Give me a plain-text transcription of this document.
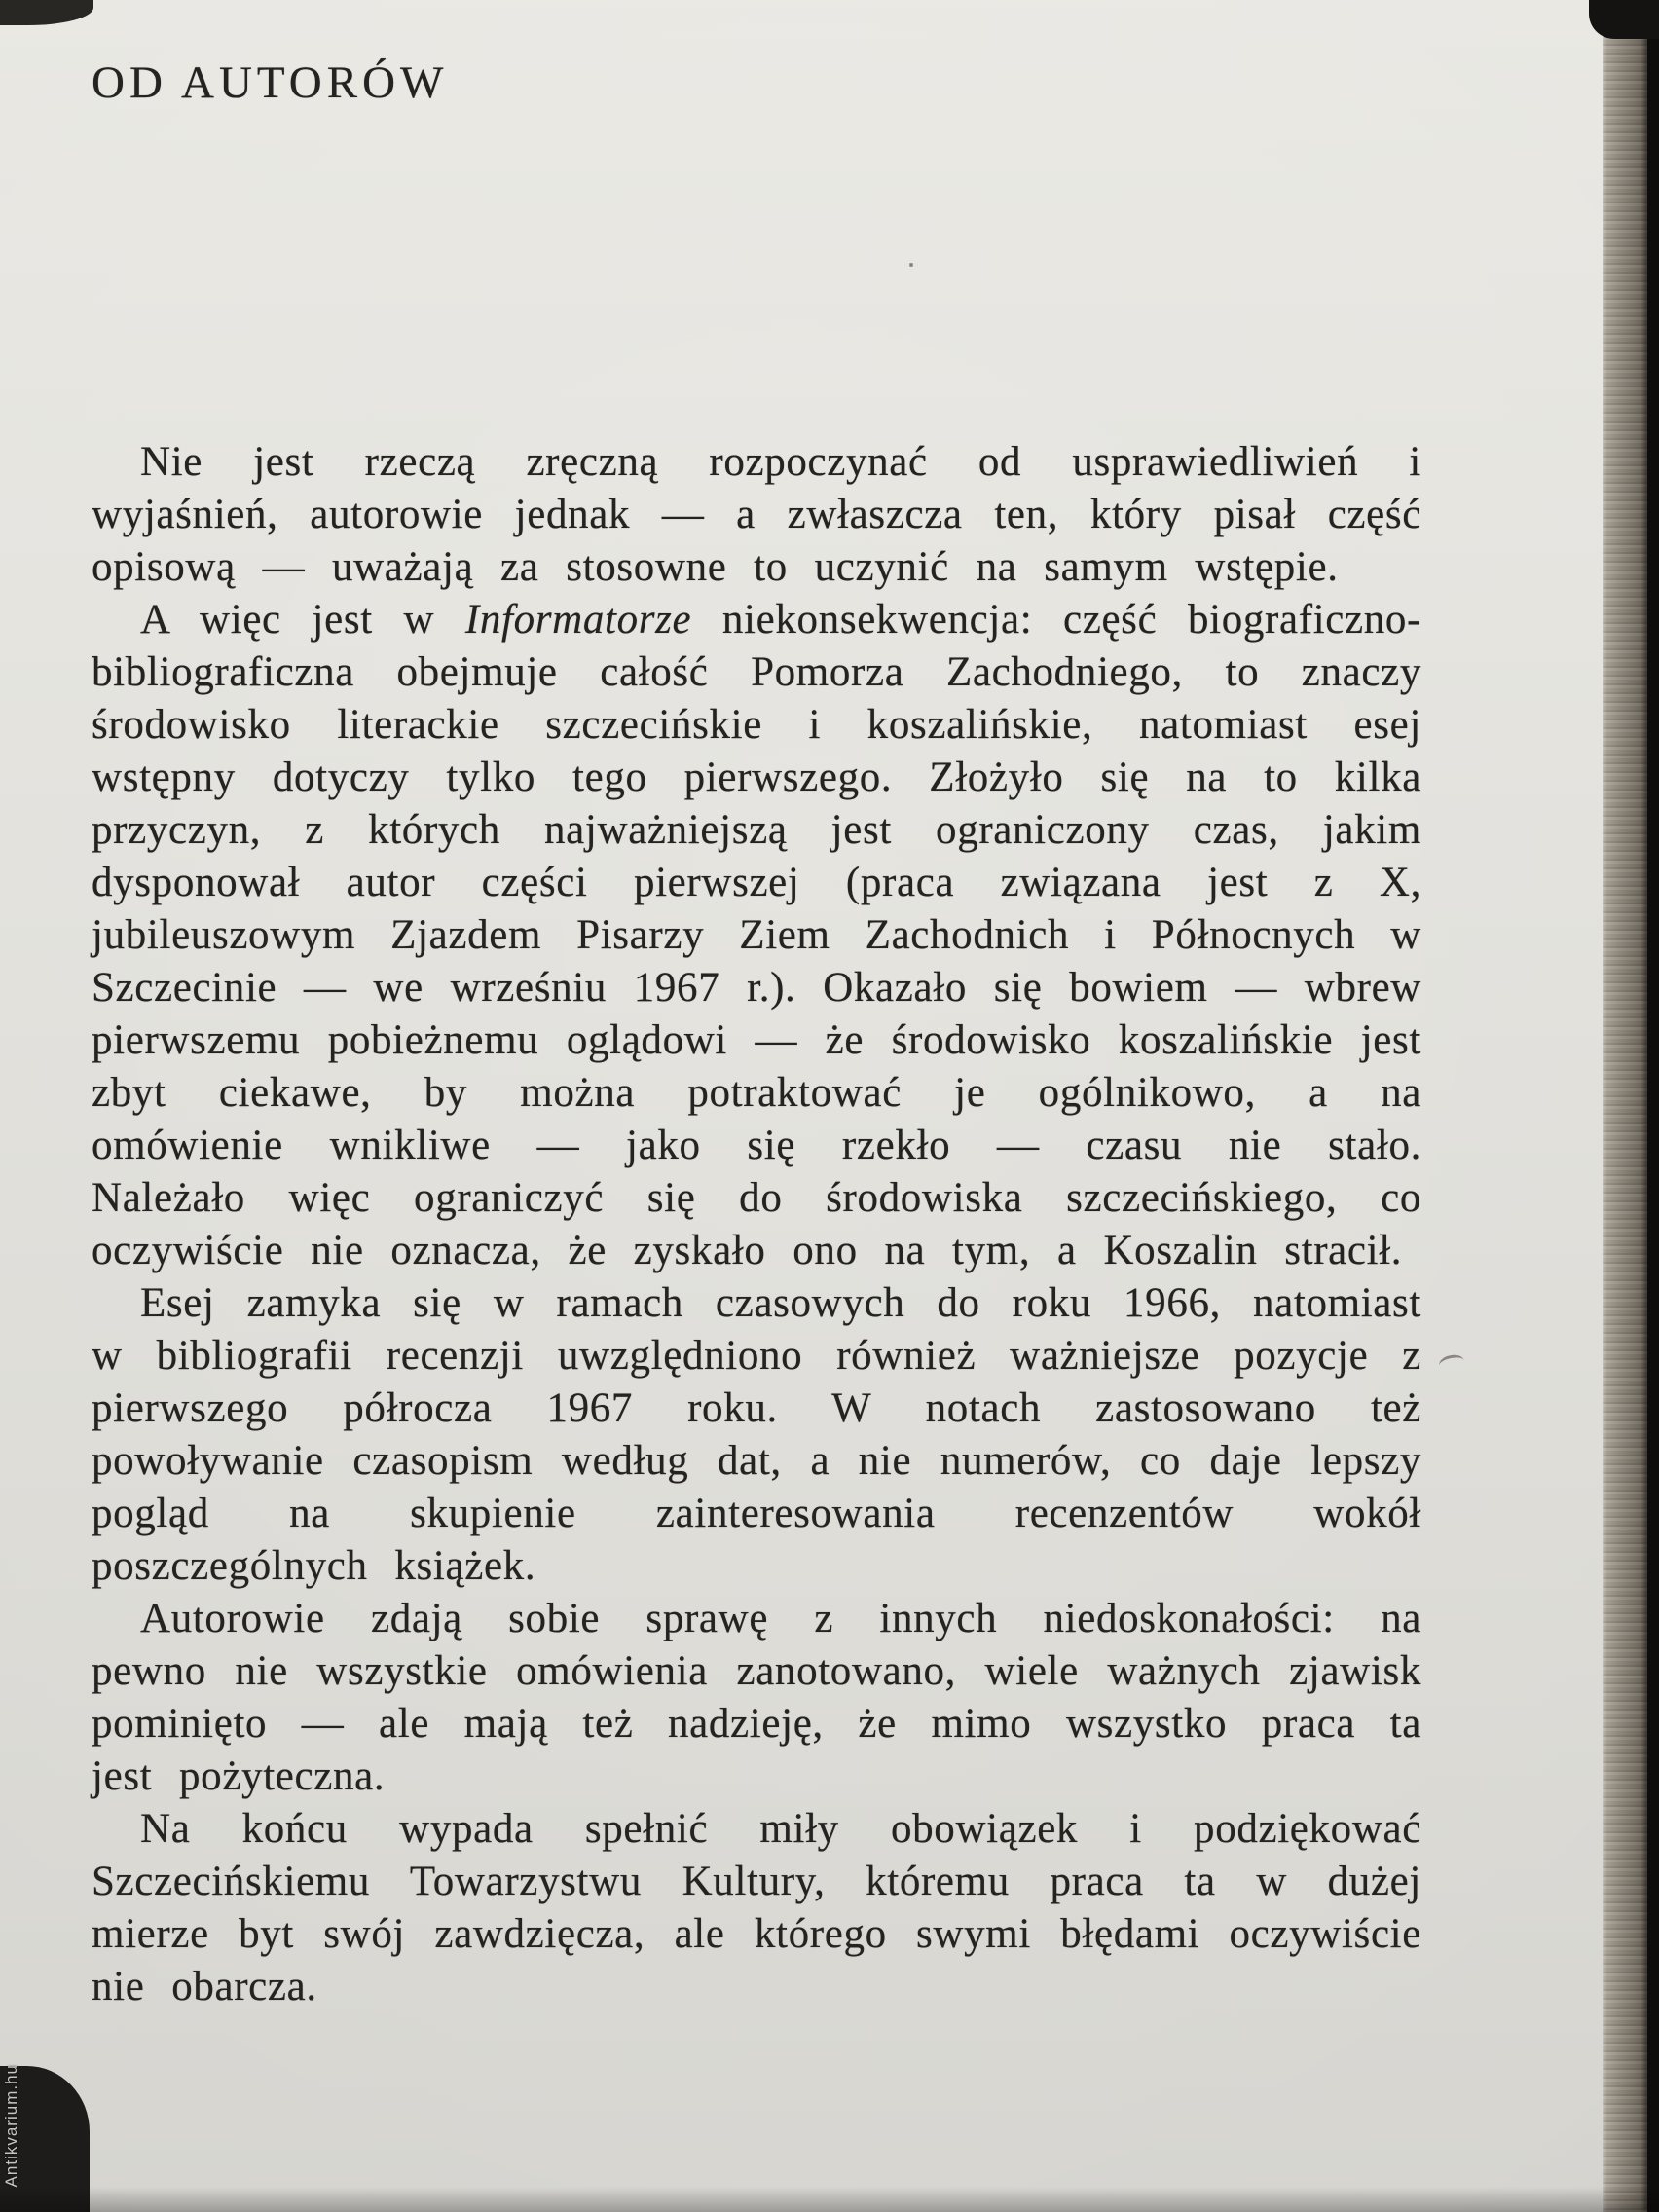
OD AUTORÓW

Nie jest rzeczą zręczną rozpoczynać od usprawiedliwień i wyjaśnień, autorowie jednak — a zwłaszcza ten, który pisał część opisową — uważają za stosowne to uczynić na samym wstępie.

A więc jest w Informatorze niekonsekwencja: część biograficzno-bibliograficzna obejmuje całość Pomorza Zachodniego, to znaczy środowisko literackie szczecińskie i koszalińskie, natomiast esej wstępny dotyczy tylko tego pierwszego. Złożyło się na to kilka przyczyn, z których najważniejszą jest ograniczony czas, jakim dysponował autor części pierwszej (praca związana jest z X, jubileuszowym Zjazdem Pisarzy Ziem Zachodnich i Północnych w Szczecinie — we wrześniu 1967 r.). Okazało się bowiem — wbrew pierwszemu pobieżnemu oglądowi — że środowisko koszalińskie jest zbyt ciekawe, by można potraktować je ogólnikowo, a na omówienie wnikliwe — jako się rzekło — czasu nie stało. Należało więc ograniczyć się do środowiska szczecińskiego, co oczywiście nie oznacza, że zyskało ono na tym, a Koszalin stracił.

Esej zamyka się w ramach czasowych do roku 1966, natomiast w bibliografii recenzji uwzględniono również ważniejsze pozycje z pierwszego półrocza 1967 roku. W notach zastosowano też powoływanie czasopism według dat, a nie numerów, co daje lepszy pogląd na skupienie zainteresowania recenzentów wokół poszczególnych książek.

Autorowie zdają sobie sprawę z innych niedoskonałości: na pewno nie wszystkie omówienia zanotowano, wiele ważnych zjawisk pominięto — ale mają też nadzieję, że mimo wszystko praca ta jest pożyteczna.

Na końcu wypada spełnić miły obowiązek i podziękować Szczecińskiemu Towarzystwu Kultury, któremu praca ta w dużej mierze byt swój zawdzięcza, ale którego swymi błędami oczywiście nie obarcza.

Antikvarium.hu
